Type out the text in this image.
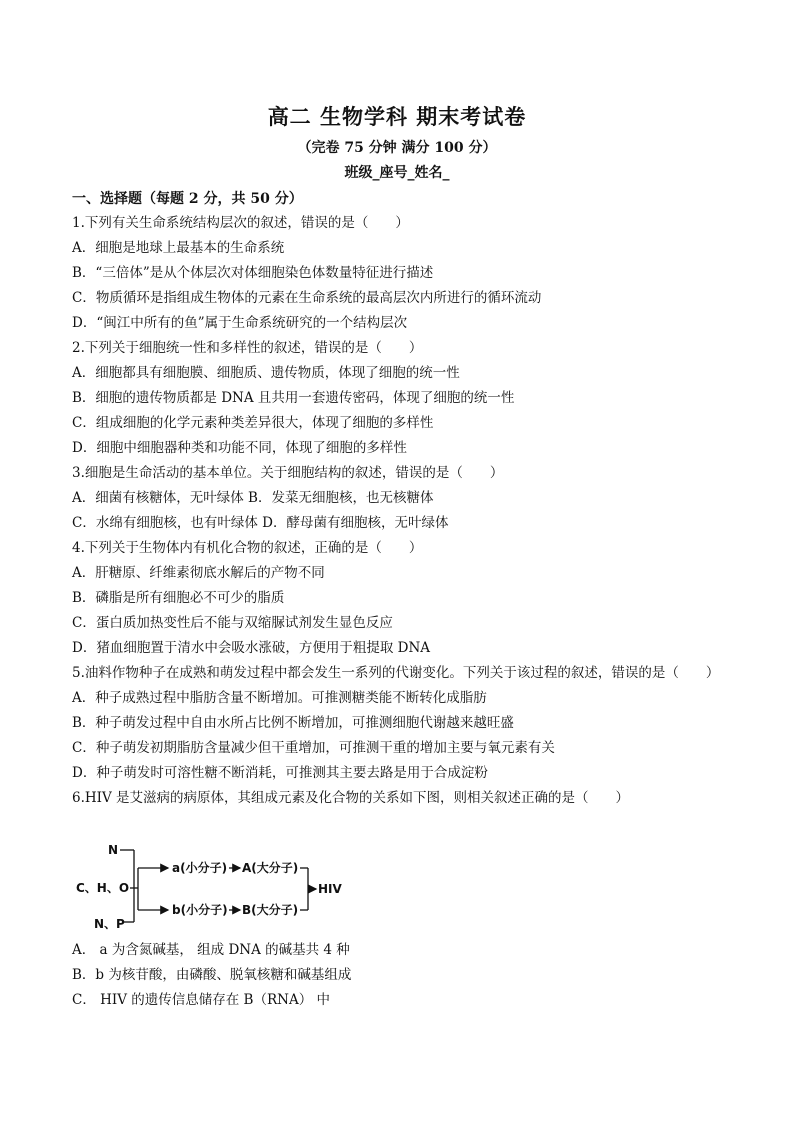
高二 生物学科 期末考试卷
（完卷 75 分钟 满分 100 分）
班级_座号_姓名_
一、选择题（每题 2 分，共 50 分）
1.下列有关生命系统结构层次的叙述，错误的是（　　）
A．细胞是地球上最基本的生命系统
B．“三倍体”是从个体层次对体细胞染色体数量特征进行描述
C．物质循环是指组成生物体的元素在生命系统的最高层次内所进行的循环流动
D．“闽江中所有的鱼”属于生命系统研究的一个结构层次
2.下列关于细胞统一性和多样性的叙述，错误的是（　　）
A．细胞都具有细胞膜、细胞质、遗传物质，体现了细胞的统一性
B．细胞的遗传物质都是 DNA 且共用一套遗传密码，体现了细胞的统一性
C．组成细胞的化学元素种类差异很大，体现了细胞的多样性
D．细胞中细胞器种类和功能不同，体现了细胞的多样性
3.细胞是生命活动的基本单位。关于细胞结构的叙述，错误的是（　　）
A．细菌有核糖体，无叶绿体 B．发菜无细胞核，也无核糖体
C．水绵有细胞核，也有叶绿体 D．酵母菌有细胞核，无叶绿体
4.下列关于生物体内有机化合物的叙述，正确的是（　　）
A．肝糖原、纤维素彻底水解后的产物不同
B．磷脂是所有细胞必不可少的脂质
C．蛋白质加热变性后不能与双缩脲试剂发生显色反应
D．猪血细胞置于清水中会吸水涨破，方便用于粗提取 DNA
5.油料作物种子在成熟和萌发过程中都会发生一系列的代谢变化。下列关于该过程的叙述，错误的是（　　）
A．种子成熟过程中脂肪含量不断增加。可推测糖类能不断转化成脂肪
B．种子萌发过程中自由水所占比例不断增加，可推测细胞代谢越来越旺盛
C．种子萌发初期脂肪含量减少但干重增加，可推测干重的增加主要与氧元素有关
D．种子萌发时可溶性糖不断消耗，可推测其主要去路是用于合成淀粉
6.HIV 是艾滋病的病原体，其组成元素及化合物的关系如下图，则相关叙述正确的是（　　）
N
C、H、O
N、P
a(小分子) A(大分子)
b(小分子) B(大分子)
HIV
A． a 为含氮碱基， 组成 DNA 的碱基共 4 种
B．b 为核苷酸，由磷酸、脱氧核糖和碱基组成
C． HIV 的遗传信息储存在 B（RNA） 中
